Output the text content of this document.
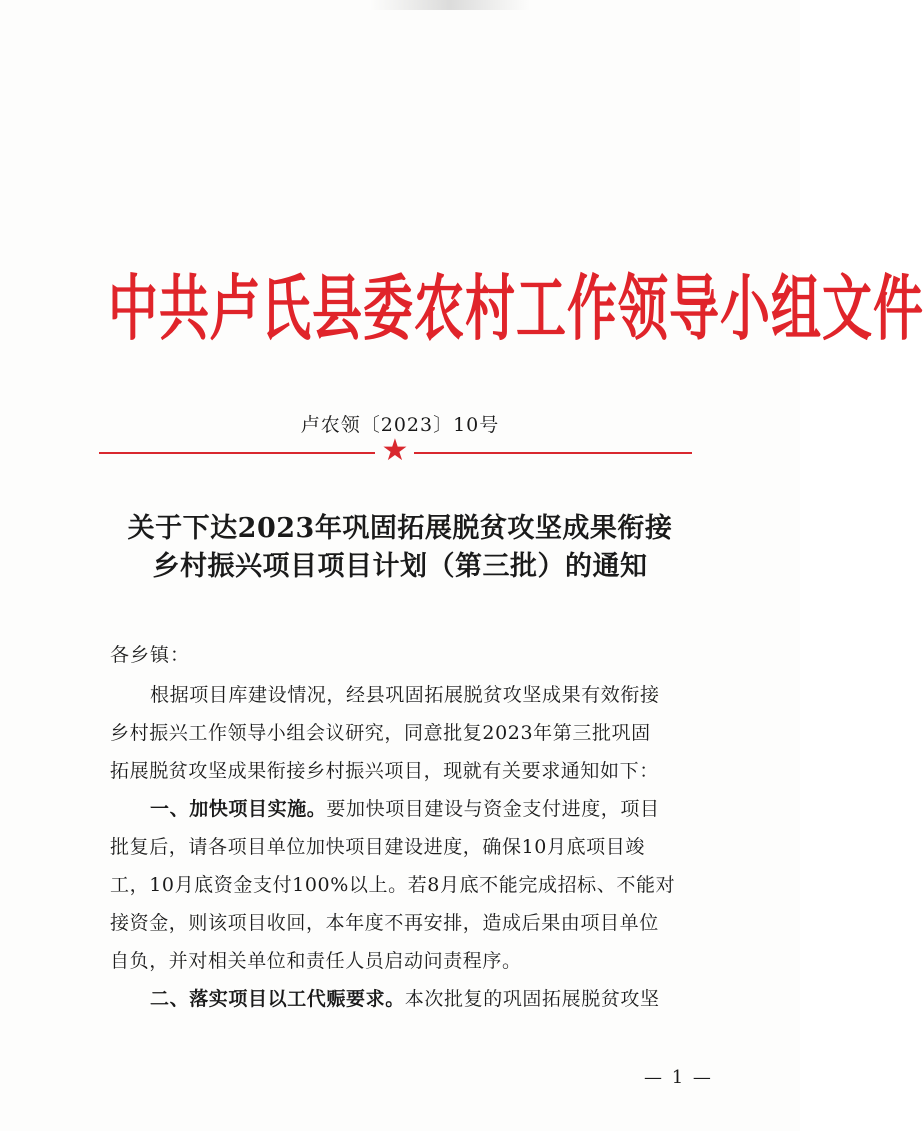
中共卢氏县委农村工作领导小组文件
卢农领〔2023〕10号
★
关于下达2023年巩固拓展脱贫攻坚成果衔接
乡村振兴项目项目计划（第三批）的通知
各乡镇：
根据项目库建设情况，经县巩固拓展脱贫攻坚成果有效衔接
乡村振兴工作领导小组会议研究，同意批复2023年第三批巩固
拓展脱贫攻坚成果衔接乡村振兴项目，现就有关要求通知如下：
一、加快项目实施。要加快项目建设与资金支付进度，项目
批复后，请各项目单位加快项目建设进度，确保10月底项目竣
工，10月底资金支付100%以上。若8月底不能完成招标、不能对
接资金，则该项目收回，本年度不再安排，造成后果由项目单位
自负，并对相关单位和责任人员启动问责程序。
二、落实项目以工代赈要求。本次批复的巩固拓展脱贫攻坚
— 1 —
